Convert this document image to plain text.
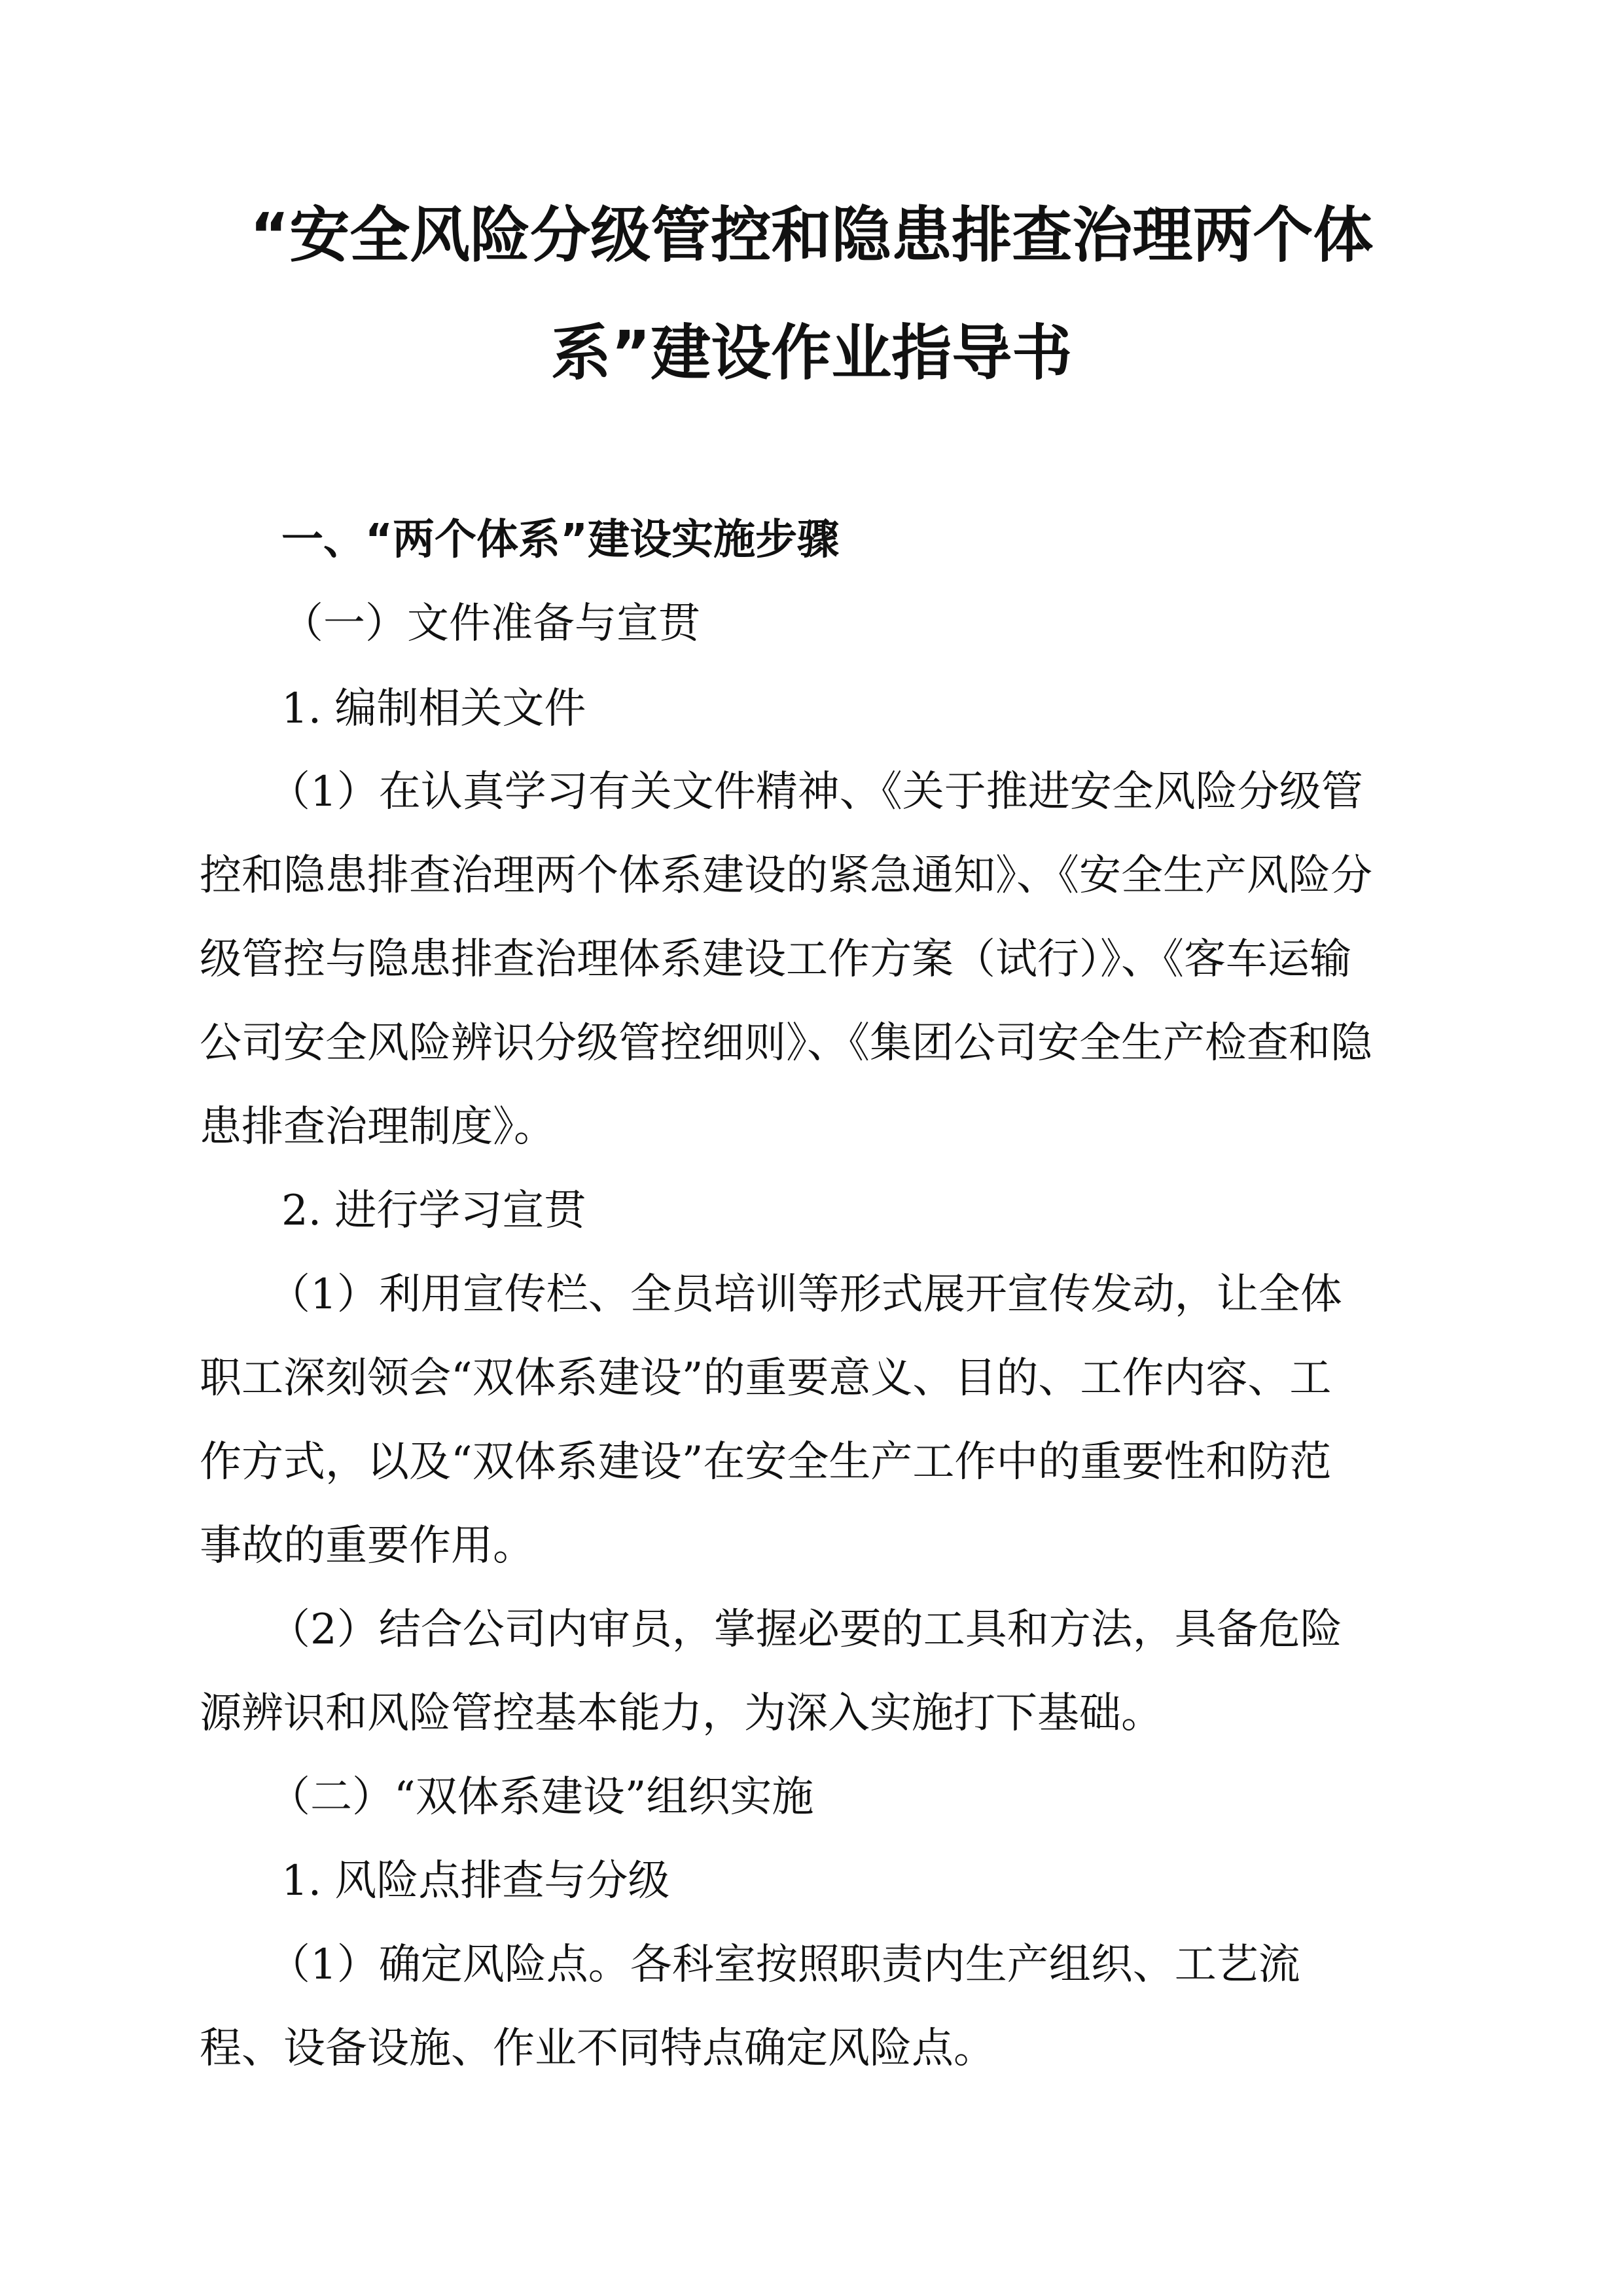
“安全风险分级管控和隐患排查治理两个体
系”建设作业指导书
一、“两个体系”建设实施步骤
（一）文件准备与宣贯
1. 编制相关文件
（1）在认真学习有关文件精神、《关于推进安全风险分级管
控和隐患排查治理两个体系建设的紧急通知》、《安全生产风险分
级管控与隐患排查治理体系建设工作方案（试行）》、《客车运输
公司安全风险辨识分级管控细则》、《集团公司安全生产检查和隐
患排查治理制度》。
2. 进行学习宣贯
（1）利用宣传栏、全员培训等形式展开宣传发动，让全体
职工深刻领会“双体系建设”的重要意义、目的、工作内容、工
作方式，以及“双体系建设”在安全生产工作中的重要性和防范
事故的重要作用。
（2）结合公司内审员，掌握必要的工具和方法，具备危险
源辨识和风险管控基本能力，为深入实施打下基础。
（二）“双体系建设”组织实施
1. 风险点排查与分级
（1）确定风险点。各科室按照职责内生产组织、工艺流
程、设备设施、作业不同特点确定风险点。
